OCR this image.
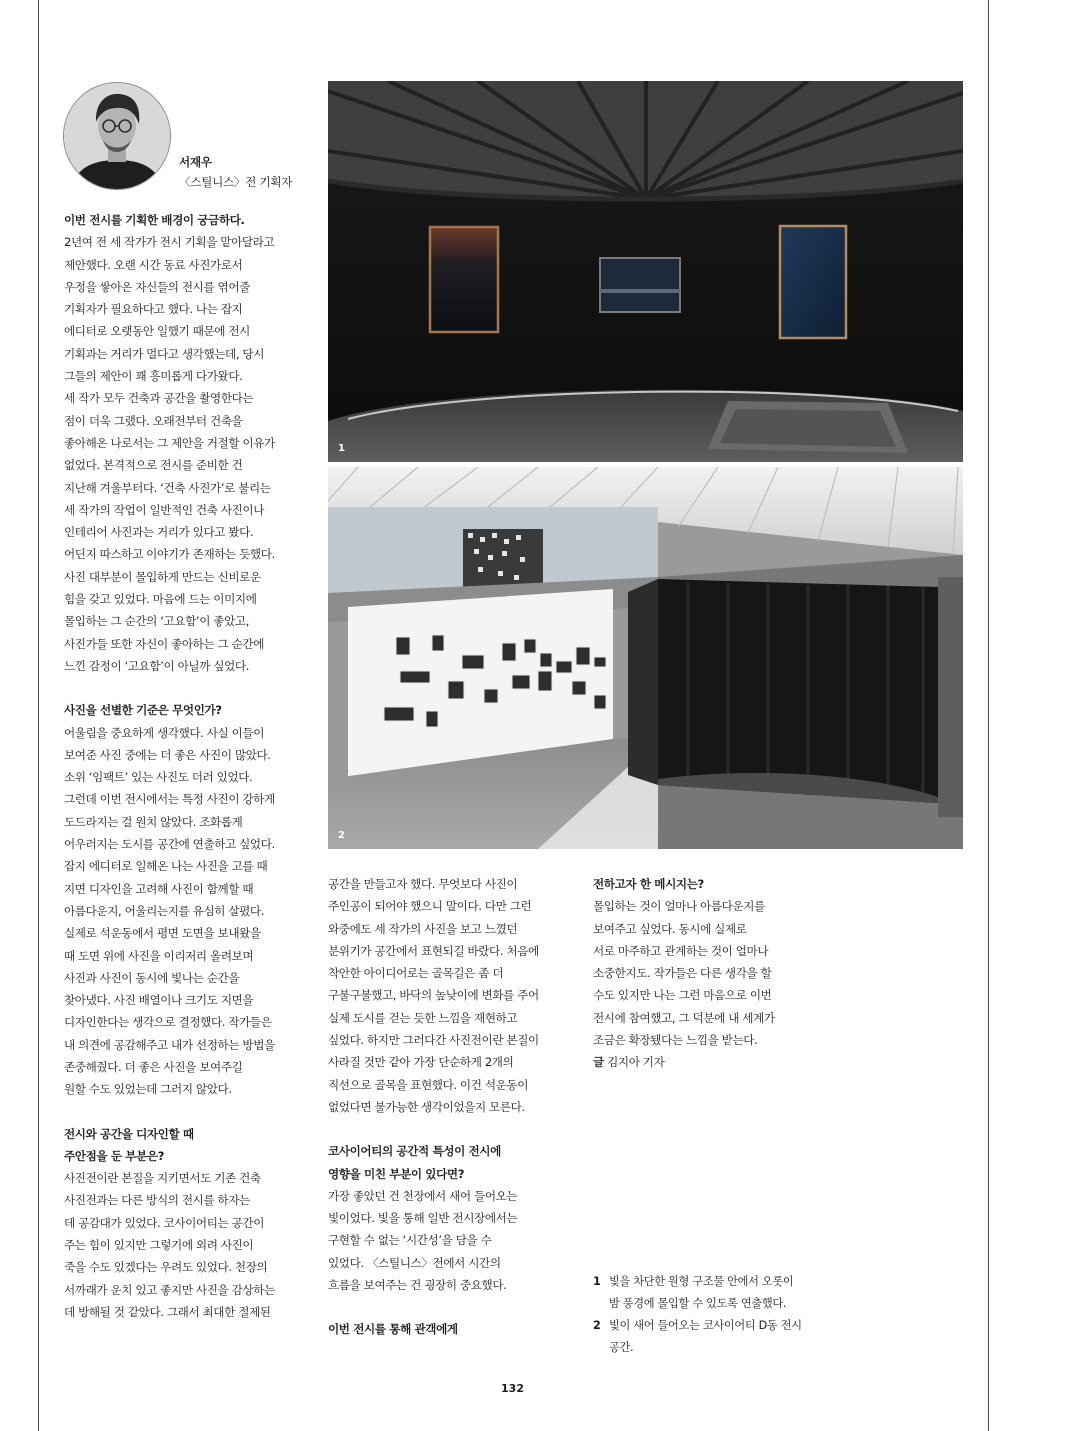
서재우
〈스틸니스〉전 기획자

이번 전시를 기획한 배경이 궁금하다.

2년여 전 세 작가가 전시 기획을 맡아달라고

제안했다. 오랜 시간 동료 사진가로서

우정을 쌓아온 자신들의 전시를 엮어줄

기획자가 필요하다고 했다. 나는 잡지

에디터로 오랫동안 일했기 때문에 전시

기획과는 거리가 멀다고 생각했는데, 당시

그들의 제안이 꽤 흥미롭게 다가왔다.

세 작가 모두 건축과 공간을 촬영한다는

점이 더욱 그랬다. 오래전부터 건축을

좋아해온 나로서는 그 제안을 거절할 이유가

없었다. 본격적으로 전시를 준비한 건

지난해 겨울부터다. ‘건축 사진가’로 불리는

세 작가의 작업이 일반적인 건축 사진이나

인테리어 사진과는 거리가 있다고 봤다.

어딘지 따스하고 이야기가 존재하는 듯했다.

사진 대부분이 몰입하게 만드는 신비로운

힘을 갖고 있었다. 마음에 드는 이미지에

몰입하는 그 순간의 ‘고요함’이 좋았고,

사진가들 또한 자신이 좋아하는 그 순간에

느낀 감정이 ‘고요함’이 아닐까 싶었다.

사진을 선별한 기준은 무엇인가?

어울림을 중요하게 생각했다. 사실 이들이

보여준 사진 중에는 더 좋은 사진이 많았다.

소위 ‘임팩트’ 있는 사진도 더러 있었다.

그런데 이번 전시에서는 특정 사진이 강하게

도드라지는 걸 원치 않았다. 조화롭게

어우러지는 도시를 공간에 연출하고 싶었다.

잡지 에디터로 일해온 나는 사진을 고를 때

지면 디자인을 고려해 사진이 함께할 때

아름다운지, 어울리는지를 유심히 살폈다.

실제로 석운동에서 평면 도면을 보내왔을

때 도면 위에 사진을 이리저리 올려보며

사진과 사진이 동시에 빛나는 순간을

찾아냈다. 사진 배열이나 크기도 지면을

디자인한다는 생각으로 결정했다. 작가들은

내 의견에 공감해주고 내가 선정하는 방법을

존중해줬다. 더 좋은 사진을 보여주길

원할 수도 있었는데 그러지 않았다.

전시와 공간을 디자인할 때

주안점을 둔 부분은?

사진전이란 본질을 지키면서도 기존 건축

사진전과는 다른 방식의 전시를 하자는

데 공감대가 있었다. 코사이어티는 공간이

주는 힘이 있지만 그렇기에 외려 사진이

죽을 수도 있겠다는 우려도 있었다. 천장의

서까래가 운치 있고 좋지만 사진을 감상하는

데 방해될 것 같았다. 그래서 최대한 절제된

1
2

공간을 만들고자 했다. 무엇보다 사진이

주인공이 되어야 했으니 말이다. 다만 그런

와중에도 세 작가의 사진을 보고 느꼈던

분위기가 공간에서 표현되길 바랐다. 처음에

착안한 아이디어로는 골목길은 좀 더

구불구불했고, 바닥의 높낮이에 변화를 주어

실제 도시를 걷는 듯한 느낌을 재현하고

싶었다. 하지만 그러다간 사진전이란 본질이

사라질 것만 같아 가장 단순하게 2개의

직선으로 골목을 표현했다. 이건 석운동이

없었다면 불가능한 생각이었을지 모른다.

코사이어티의 공간적 특성이 전시에

영향을 미친 부분이 있다면?

가장 좋았던 건 천장에서 새어 들어오는

빛이었다. 빛을 통해 일반 전시장에서는

구현할 수 없는 ‘시간성’을 담을 수

있었다. 〈스틸니스〉전에서 시간의

흐름을 보여주는 건 굉장히 중요했다.

이번 전시를 통해 관객에게

전하고자 한 메시지는?

몰입하는 것이 얼마나 아름다운지를

보여주고 싶었다. 동시에 실제로

서로 마주하고 관계하는 것이 얼마나

소중한지도. 작가들은 다른 생각을 할

수도 있지만 나는 그런 마음으로 이번

전시에 참여했고, 그 덕분에 내 세계가

조금은 확장됐다는 느낌을 받는다.

글 김지아 기자

1 빛을 차단한 원형 구조물 안에서 오롯이
밤 풍경에 몰입할 수 있도록 연출했다.
2 빛이 새어 들어오는 코사이어티 D동 전시
공간.
132
